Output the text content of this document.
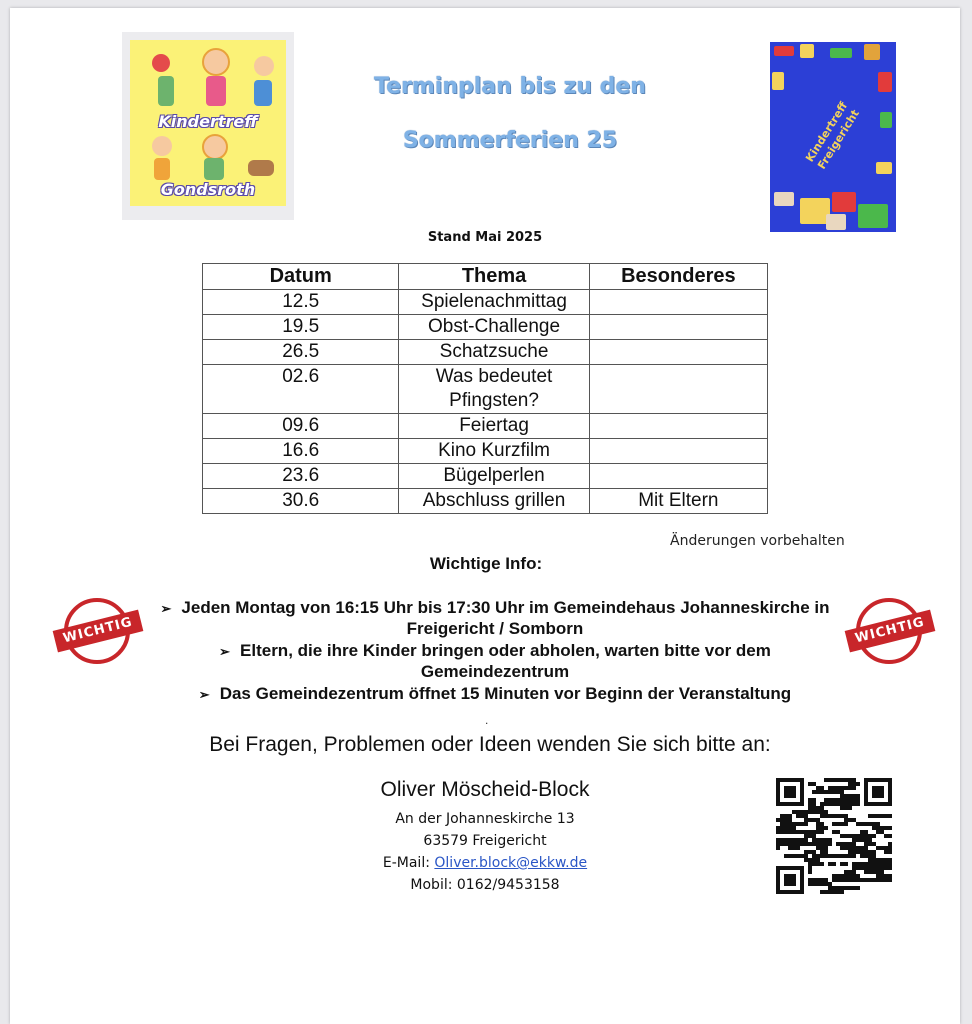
Kindertreff
Gondsroth
Terminplan bis zu den
Sommerferien 25	Kindertreff Freigericht
Stand Mai 2025
Datum	Thema	Besonderes
12.5	Spielenachmittag	
19.5	Obst-Challenge	
26.5	Schatzsuche	
02.6	Was bedeutet Pfingsten?	
09.6	Feiertag	
16.6	Kino Kurzfilm	
23.6	Bügelperlen	
30.6	Abschluss grillen	Mit Eltern
Änderungen vorbehalten
Wichtige Info:
WICHTIG	WICHTIG
➢ Jeden Montag von 16:15 Uhr bis 17:30 Uhr im Gemeindehaus Johanneskirche in Freigericht / Somborn
➢ Eltern, die ihre Kinder bringen oder abholen, warten bitte vor dem Gemeindezentrum
➢ Das Gemeindezentrum öffnet 15 Minuten vor Beginn der Veranstaltung
.
Bei Fragen, Problemen oder Ideen wenden Sie sich bitte an:
Oliver Möscheid-Block
An der Johanneskirche 13
63579 Freigericht
E-Mail: Oliver.block@ekkw.de
Mobil: 0162/9453158
